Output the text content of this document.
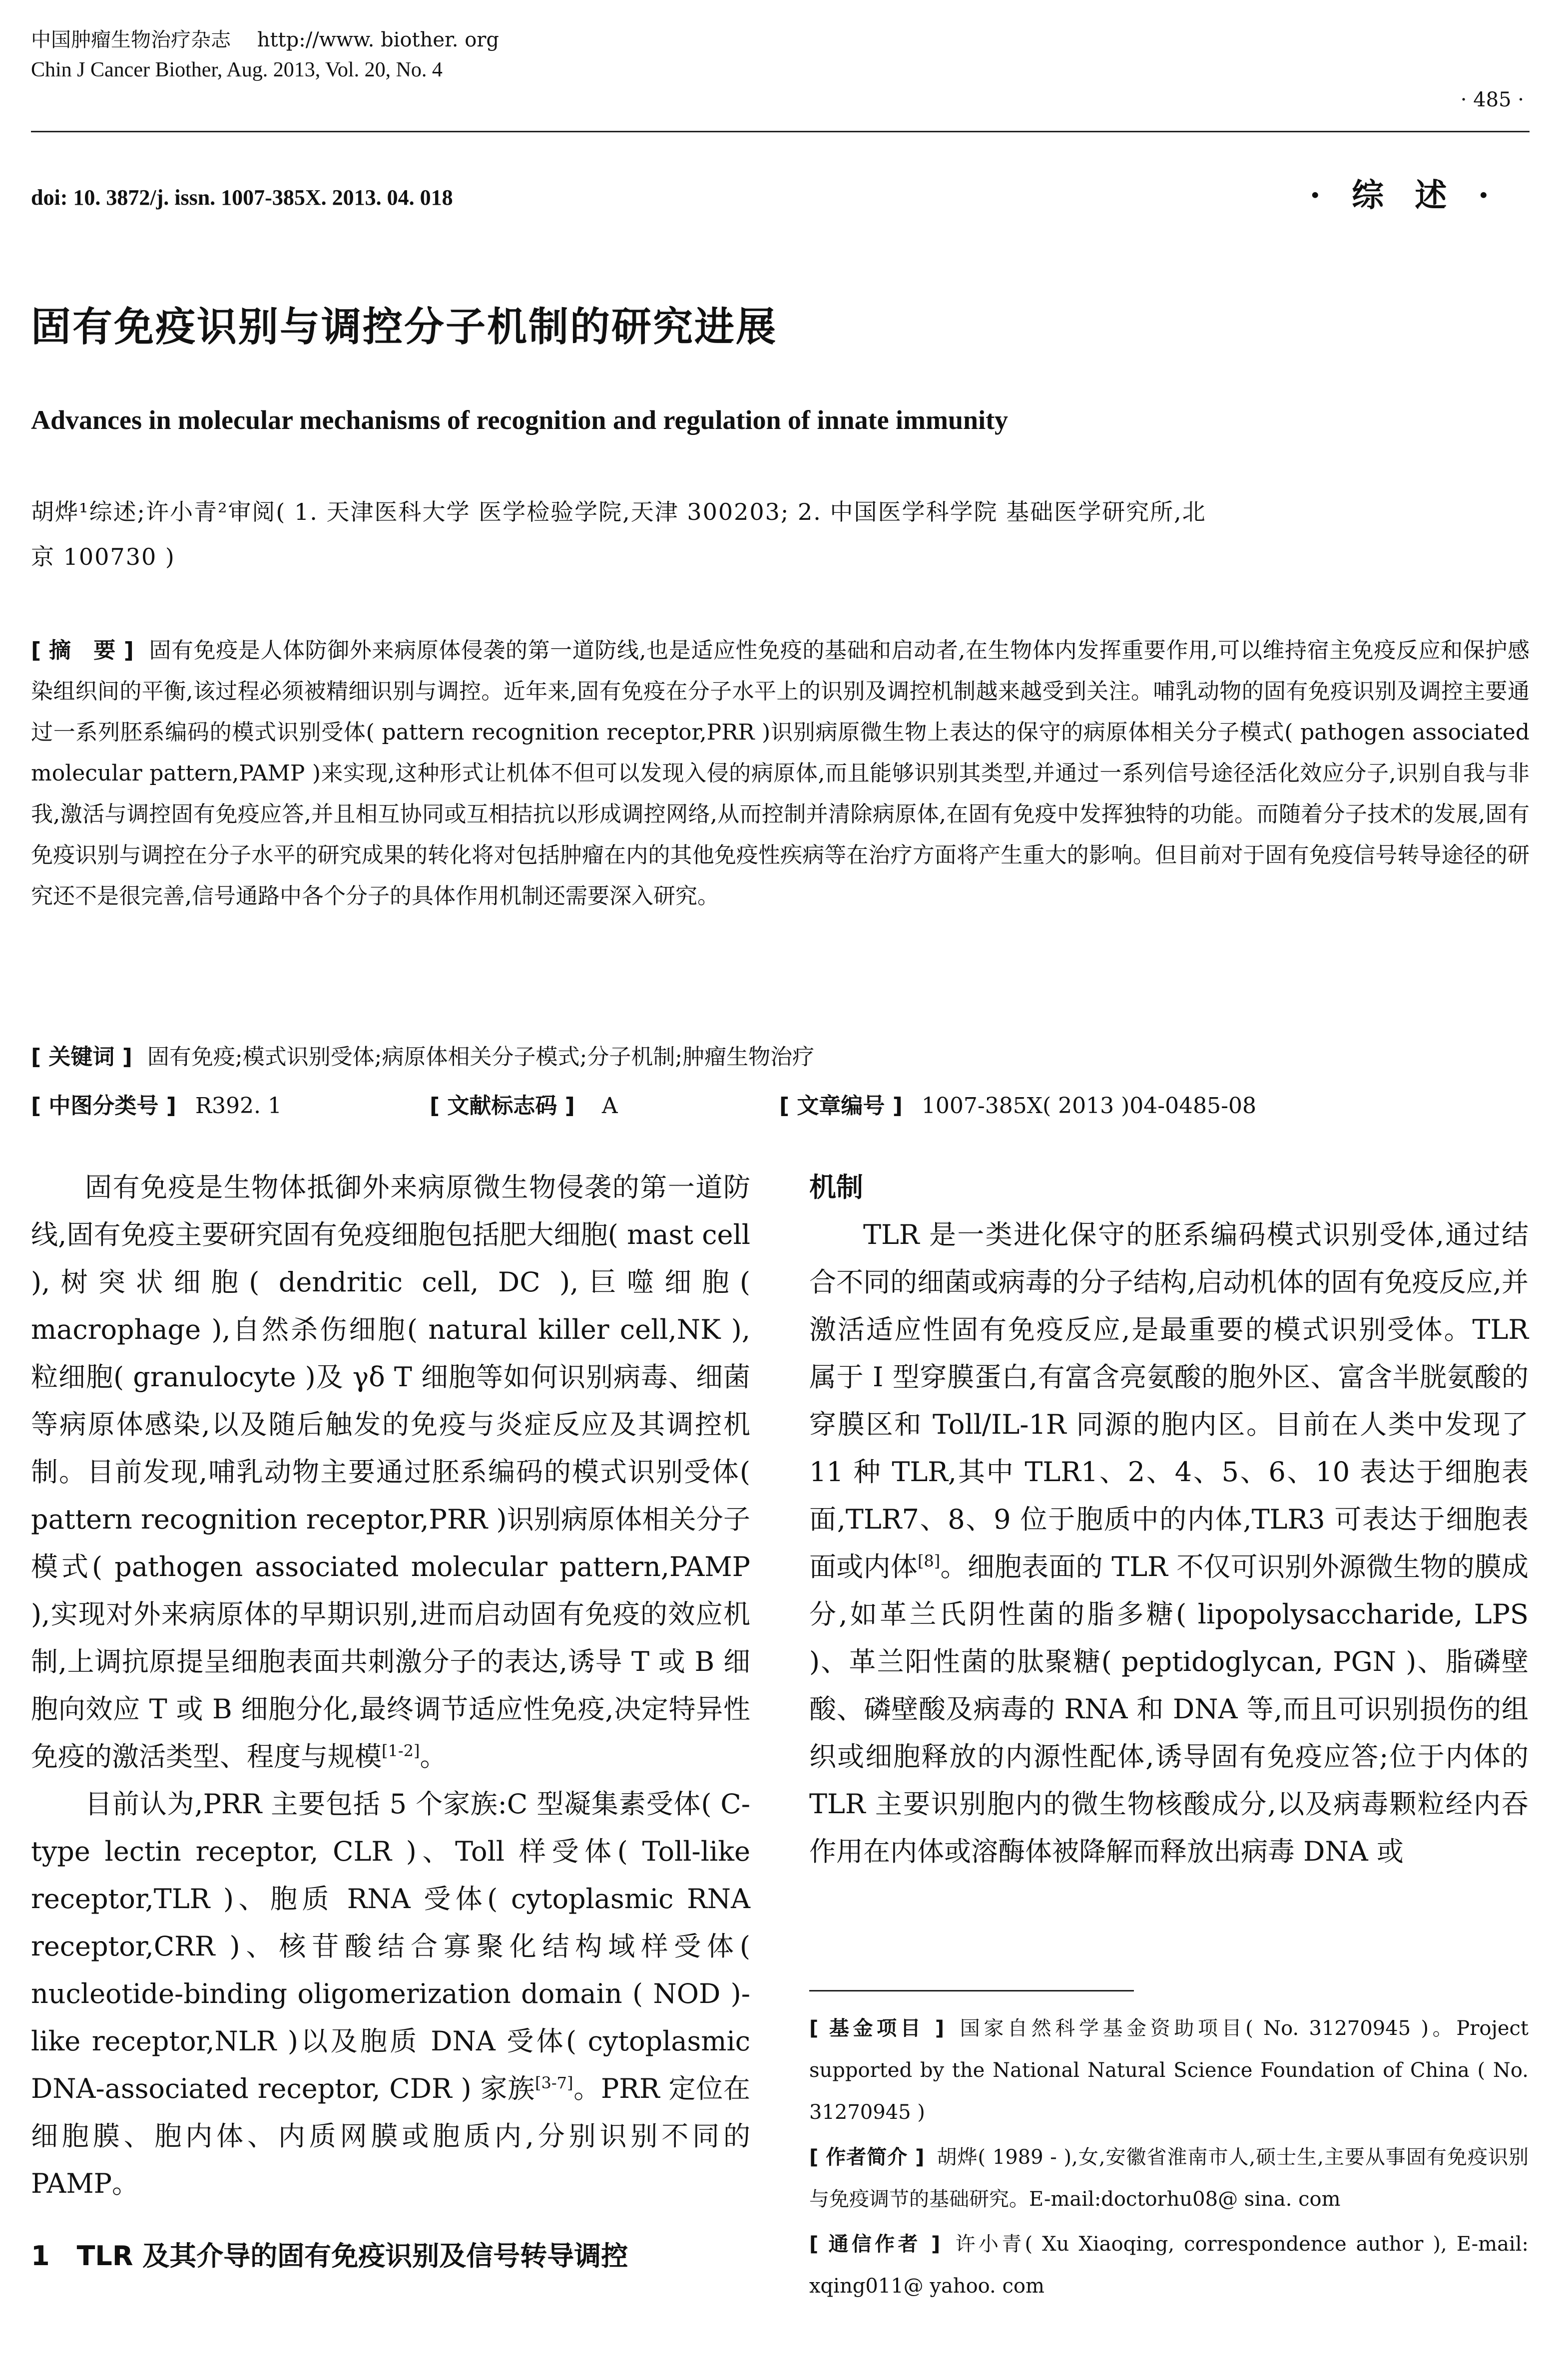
中国肿瘤生物治疗杂志 http://www. biother. org
Chin J Cancer Biother, Aug. 2013, Vol. 20, No. 4
· 485 ·
doi: 10. 3872/j. issn. 1007-385X. 2013. 04. 018	· 综 述 ·
固有免疫识别与调控分子机制的研究进展
Advances in molecular mechanisms of recognition and regulation of innate immunity
胡烨¹综述;许小青²审阅( 1. 天津医科大学 医学检验学院,天津 300203; 2. 中国医学科学院 基础医学研究所,北
京 100730 )
[ 摘　要 ] 固有免疫是人体防御外来病原体侵袭的第一道防线,也是适应性免疫的基础和启动者,在生物体内发挥重要作用,可以维持宿主免疫反应和保护感染组织间的平衡,该过程必须被精细识别与调控。近年来,固有免疫在分子水平上的识别及调控机制越来越受到关注。哺乳动物的固有免疫识别及调控主要通过一系列胚系编码的模式识别受体( pattern recognition receptor,PRR )识别病原微生物上表达的保守的病原体相关分子模式( pathogen associated molecular pattern,PAMP )来实现,这种形式让机体不但可以发现入侵的病原体,而且能够识别其类型,并通过一系列信号途径活化效应分子,识别自我与非我,激活与调控固有免疫应答,并且相互协同或互相拮抗以形成调控网络,从而控制并清除病原体,在固有免疫中发挥独特的功能。而随着分子技术的发展,固有免疫识别与调控在分子水平的研究成果的转化将对包括肿瘤在内的其他免疫性疾病等在治疗方面将产生重大的影响。但目前对于固有免疫信号转导途径的研究还不是很完善,信号通路中各个分子的具体作用机制还需要深入研究。
[ 关键词 ] 固有免疫;模式识别受体;病原体相关分子模式;分子机制;肿瘤生物治疗
[ 中图分类号 ] R392. 1	[ 文献标志码 ] A	[ 文章编号 ] 1007-385X( 2013 )04-0485-08

固有免疫是生物体抵御外来病原微生物侵袭的第一道防线,固有免疫主要研究固有免疫细胞包括肥大细胞( mast cell ),树突状细胞( dendritic cell, DC ),巨噬细胞( macrophage ),自然杀伤细胞( natural killer cell,NK ),粒细胞( granulocyte )及 γδ T 细胞等如何识别病毒、细菌等病原体感染,以及随后触发的免疫与炎症反应及其调控机制。目前发现,哺乳动物主要通过胚系编码的模式识别受体( pattern recognition receptor,PRR )识别病原体相关分子模式( pathogen associated molecular pattern,PAMP ),实现对外来病原体的早期识别,进而启动固有免疫的效应机制,上调抗原提呈细胞表面共刺激分子的表达,诱导 T 或 B 细胞向效应 T 或 B 细胞分化,最终调节适应性免疫,决定特异性免疫的激活类型、程度与规模[1-2]。

目前认为,PRR 主要包括 5 个家族:C 型凝集素受体( C-type lectin receptor, CLR )、Toll 样受体( Toll-like receptor,TLR )、胞质 RNA 受体( cytoplasmic RNA receptor,CRR )、核苷酸结合寡聚化结构域样受体( nucleotide-binding oligomerization domain ( NOD )-like receptor,NLR )以及胞质 DNA 受体( cytoplasmic DNA-associated receptor, CDR ) 家族[3-7]。PRR 定位在细胞膜、胞内体、内质网膜或胞质内,分别识别不同的 PAMP。

1　TLR 及其介导的固有免疫识别及信号转导调控
机制

TLR 是一类进化保守的胚系编码模式识别受体,通过结合不同的细菌或病毒的分子结构,启动机体的固有免疫反应,并激活适应性固有免疫反应,是最重要的模式识别受体。TLR 属于 Ⅰ 型穿膜蛋白,有富含亮氨酸的胞外区、富含半胱氨酸的穿膜区和 Toll/IL-1R 同源的胞内区。目前在人类中发现了 11 种 TLR,其中 TLR1、2、4、5、6、10 表达于细胞表面,TLR7、8、9 位于胞质中的内体,TLR3 可表达于细胞表面或内体[8]。细胞表面的 TLR 不仅可识别外源微生物的膜成分,如革兰氏阴性菌的脂多糖( lipopolysaccharide, LPS )、革兰阳性菌的肽聚糖( peptidoglycan, PGN )、脂磷壁酸、磷壁酸及病毒的 RNA 和 DNA 等,而且可识别损伤的组织或细胞释放的内源性配体,诱导固有免疫应答;位于内体的 TLR 主要识别胞内的微生物核酸成分,以及病毒颗粒经内吞作用在内体或溶酶体被降解而释放出病毒 DNA 或

[ 基金项目 ] 国家自然科学基金资助项目( No. 31270945 )。Project supported by the National Natural Science Foundation of China ( No. 31270945 )
[ 作者简介 ] 胡烨( 1989 - ),女,安徽省淮南市人,硕士生,主要从事固有免疫识别与免疫调节的基础研究。E-mail:doctorhu08@ sina. com
[ 通信作者 ] 许小青( Xu Xiaoqing, correspondence author ), E-mail: xqing011@ yahoo. com
